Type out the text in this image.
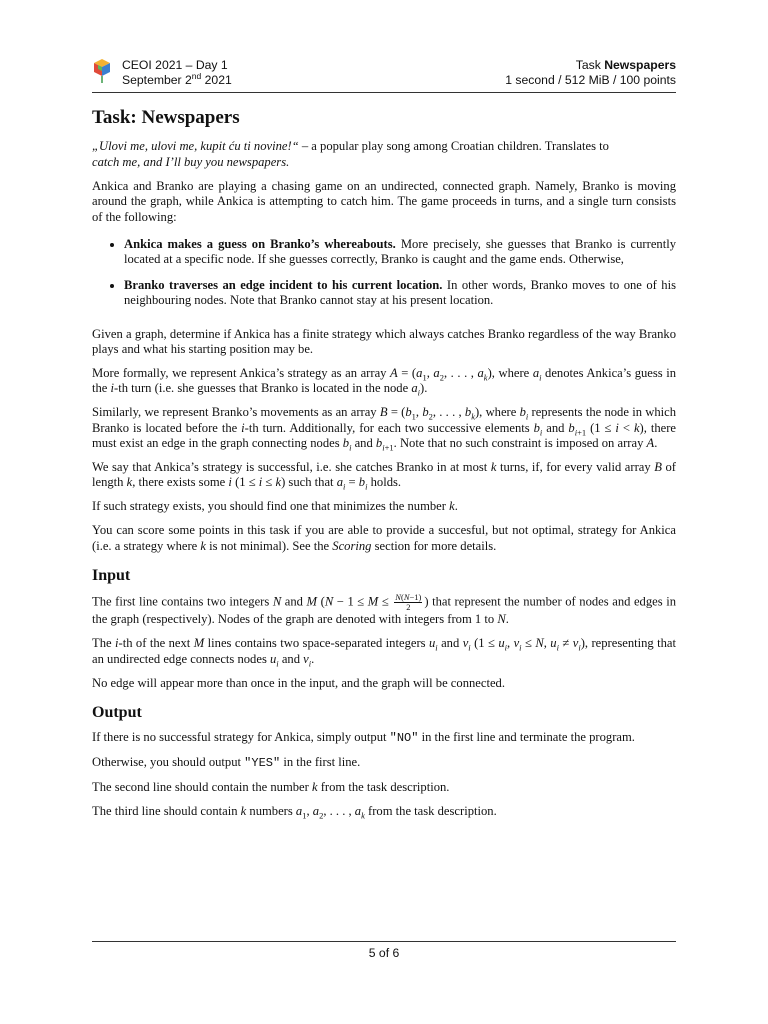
CEOI 2021 – Day 1
September 2nd 2021
Task Newspapers
1 second / 512 MiB / 100 points
Task: Newspapers

„Ulovi me, ulovi me, kupit ću ti novine!“ – a popular play song among Croatian children. Translates to
catch me, and I’ll buy you newspapers.

Ankica and Branko are playing a chasing game on an undirected, connected graph. Namely, Branko is moving around the graph, while Ankica is attempting to catch him. The game proceeds in turns, and a single turn consists of the following:

• Ankica makes a guess on Branko’s whereabouts. More precisely, she guesses that Branko is currently located at a specific node. If she guesses correctly, Branko is caught and the game ends. Otherwise,
• Branko traverses an edge incident to his current location. In other words, Branko moves to one of his neighbouring nodes. Note that Branko cannot stay at his present location.

Given a graph, determine if Ankica has a finite strategy which always catches Branko regardless of the way Branko plays and what his starting position may be.

More formally, we represent Ankica’s strategy as an array $A = (a_1$, $a_2$, . . . , $a_k$), where $a_i$ denotes Ankica’s guess in the i-th turn (i.e. she guesses that Branko is located in the node $a_i$).

Similarly, we represent Branko’s movements as an array $B = (b_1$, $b_2$, . . . , $b_k$), where $b_i$ represents the node in which Branko is located before the i-th turn. Additionally, for each two successive elements $b_i$ and $b_{i+1}$ (1 ≤ i < k), there must exist an edge in the graph connecting nodes $b_i$ and $b_{i+1}$. Note that no such constraint is imposed on array A.

We say that Ankica’s strategy is successful, i.e. she catches Branko in at most k turns, if, for every valid array B of length k, there exists some i (1 ≤ i ≤ k) such that $a_i = b_i$ holds.

If such strategy exists, you should find one that minimizes the number k.

You can score some points in this task if you are able to provide a succesful, but not optimal, strategy for Ankica (i.e. a strategy where k is not minimal). See the Scoring section for more details.

Input

The first line contains two integers N and M ($N - 1 \le M \le \frac{N(N-1)}{2}$ ) that represent the number of nodes and edges in the graph (respectively). Nodes of the graph are denoted with integers from 1 to N.

The i-th of the next M lines contains two space-separated integers $u_i$ and $v_i$ ($1 \le u_i$, $v_i \le N$, $u_i \ne v_i$), representing that an undirected edge connects nodes $u_i$ and $v_i$.

No edge will appear more than once in the input, and the graph will be connected.

Output

If there is no successful strategy for Ankica, simply output "NO" in the first line and terminate the program.

Otherwise, you should output "YES" in the first line.

The second line should contain the number k from the task description.

The third line should contain k numbers $a_1$, $a_2$, . . . , $a_k$ from the task description.

5 of 6
